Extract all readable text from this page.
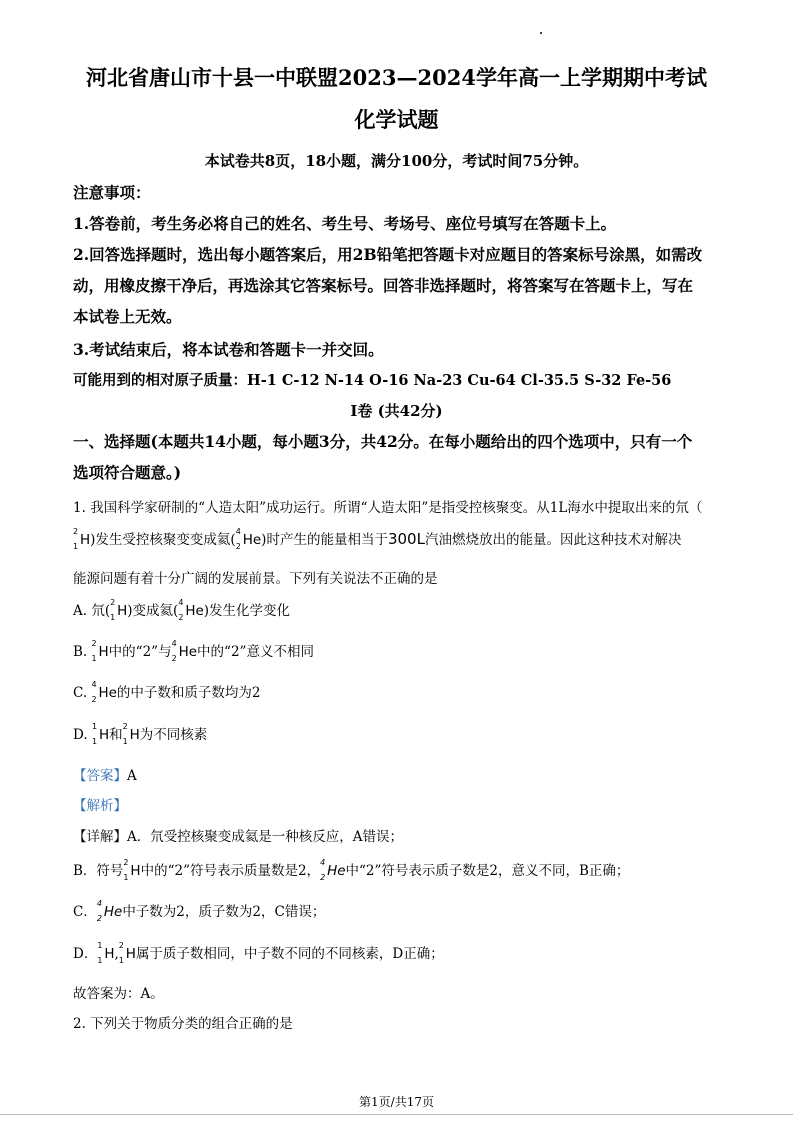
河北省唐山市十县一中联盟2023—2024学年高一上学期期中考试
化学试题
本试卷共8页，18小题，满分100分，考试时间75分钟。
注意事项：
1.答卷前，考生务必将自己的姓名、考生号、考场号、座位号填写在答题卡上。
2.回答选择题时，选出每小题答案后，用2B铅笔把答题卡对应题目的答案标号涂黑，如需改
动，用橡皮擦干净后，再选涂其它答案标号。回答非选择题时，将答案写在答题卡上，写在
本试卷上无效。
3.考试结束后，将本试卷和答题卡一并交回。
可能用到的相对原子质量：H-1 C-12 N-14 O-16 Na-23 Cu-64 Cl-35.5 S-32 Fe-56
I卷 (共42分)
一、选择题(本题共14小题，每小题3分，共42分。在每小题给出的四个选项中，只有一个
选项符合题意。)
1. 我国科学家研制的“人造太阳”成功运行。所谓“人造太阳”是指受控核聚变。从1L海水中提取出来的氘（
2
1 H)发生受控核聚变变成氦(
4
2 He)时产生的能量相当于300L汽油燃烧放出的能量。因此这种技术对解决
能源问题有着十分广阔的发展前景。下列有关说法不正确的是
A. 氘(
2
1 H)变成氦(
4
2 He)发生化学变化
B.
2
1 H中的“2”与
4
2 He中的“2”意义不相同
C.
4
2 He的中子数和质子数均为2
D.
1
1 H和
2
1 H为不同核素
【答案】A
【解析】
【详解】A．氘受控核聚变成氦是一种核反应，A错误；
B．符号
2
1 H中的“2”符号表示质量数是2，
4
2 He中“2”符号表示质子数是2，意义不同，B正确；
C．
4
2 He中子数为2，质子数为2，C错误；
D．
1
1 H,
2
1 H属于质子数相同，中子数不同的不同核素，D正确；
故答案为：A。
2. 下列关于物质分类的组合正确的是
第1页/共17页
